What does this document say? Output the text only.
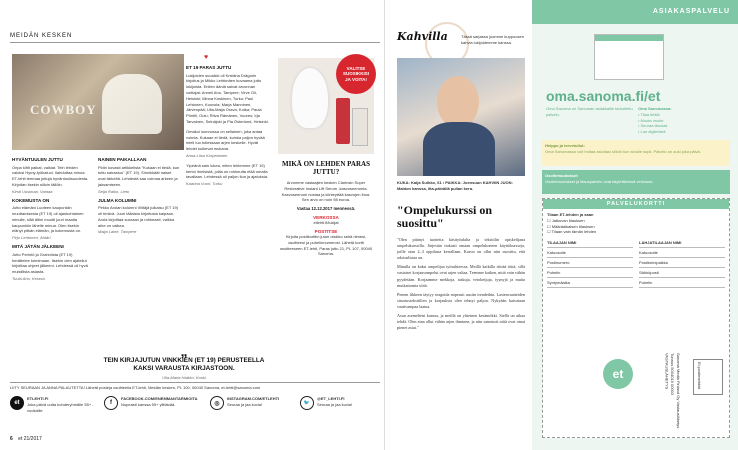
MEIDÄN KESKEN
COWBOY
HYVÄNTUULEN JUTTU

Onpa kiitit paikat, valkiat. Tein lehden valoksi Hymy-työkaluni. Ilahduttaa minua. ET-lehti teemaa juttuja hyväntuulisuudesta. Kirjoitan itsekin silloin tällöin.

Kirsti Uusimaa, Vantaa

KOKEMUSTA ON

Jutto elämäni Luoteen kaupunkiin muuttamisesta (ET 19) oli ajankohtainen minulle, sillä äitini muutti juuri maalta kaupunkiin lähelle minua. Olen itsekin elänyt pitkän elämän, ja kokemusta on.

Pirjo Lehtonen, Ähtäri

MITÄ JÄTÄN JÄLKEENI

Jutto Perintö ja Grahnlista (ET 19) herättelee toimimaan. Itsekin olen ajatellut kirjoittaa ohjeet jälkeeni. Lehdessä oli hyvä muistilista asiasta.

Tuula Aho, Kerava

NAINEN PAIKALLAAN

Pidin kovasti artikkelista "Kukaan ei tiedä, kun tuttu sairastuu" (ET 19). Sinnikkäät naiset ovat tärkeitä. Lehdestä saa voimaa arkeen ja jaksamiseen.

Seija Raiko, Lieto

JULMA KOLUMNI

Pirkko Arolan kolumni Viiltäjä julkaisu (ET 19) oli terävä. Juuri tällaista kirjoitusta kaipaan. Arola kirjoittaa suoraan ja rohkeasti, vaikka aihe on vaikea.

Maija Laine, Tampere

♥
ET 19 PARAS JUTTU

Lukijoiden suosikki oli Kristiina Drägorin kirjoitus ja Mikko Lehtimäen kuvaama juttu lukijoista. Eniten ääniä saivat arvonnan voittajat: Anneli Aho, Tampere; Virve Gil, Helsinki; Minna Koskinen, Turku; Paul Lehtonen, Kouvola; Marja Manninen, Järvenpää; Ulla-Maija Orava, Kotka; Paula Pöntili, Oulu; Ritva Rämänen, Vuores; Irja Tarvainen, Seinäjoki ja Pia Österlund, Helsinki.

Omakoi luonnossa on sellainen, joka antaa voimia. Kukaan ei tiedä, kuinka paljon hyvää mieli tuo tullessaan arjen keskelle. Hyvät lehdet kulkevat mukana.

Anna-Liisa Korpelainen

Ylpeänä sain lukea, miten lehtemme (ET 19) kertoi ihmisistä, joilla on rohkeutta elää omalla tavallaan. Lehdessä oli paljon iloa ja ajatuksia.

Kaarina Vuori, Turku

VALITSE SUOSIKKISI JA VOITA!
MIKÄ ON LEHDEN PARAS JUTTU?
Arvomme vastaajien kesken Clarinsin Super Restorative Instant Lift Serum -kasvoseerumia. Kasvoseerumi nostaa ja kiinteyttää kasvojen ihoa. Sen arvo on noin 98 euroa.
Vastaa 12.12.2017 mennessä.
VERKOSSA
etlehti.fi/lukijat
POSTITSE
Kirjoita postikorttiin jutun otsikko sekä nimesi, osoitteesi ja puhelinnumerosi. Lähetä kortti osoitteeseen ET-lehti, Paras juttu 21, PL 107, 00040 Sanoma.
„
TEIN KIRJAJUTUN VINKKIEN (ET 19) PERUSTEELLA KAKSI VARAUSTA KIRJASTOON.
Ulla-Maria Haikko, Koski
LIITY SEURAAN JA ANNA PALAUTETTA! Lähetä posteja osoitteella ET-lehti, Meidän kesken, PL 100, 00040 Sanoma, et-lehti@sanoma.com
et
ETLEHTI.FI
Joka päivä uutta kohderyhmälle 55+ -vuotiaille
f
FACEBOOK.COM/ENEMMANTARMIOITA
Nopeasti kanssa 55+ ylittävää.	◎
INSTAGRAM.COM/ETLEHTI
Seuraa ja jaa kuvia!	🐦
@ET_LEHTI.FI
Seuraa ja jaa kuvia!
6 et 21/2017
Kahvilla	Tässä sarjassa juomme kuppoosen kahvia lukijoidemme kanssa.
KUKA: Kaija Suihko, 61 • PAIKKA: Joensuun KAHVIIN JUON: Maidon kanssa, ilta-päivällä pullan kera.
"Ompelukurssi on suosittu"

"Olen pitänyt tuotteita käsityöalalta ja tekstiilin opiskelijana ompelukurssilla. Järjestän tiukasti omaan ompelukoneen käyttökursseja, joille otan 2–3 oppilasta kerrallaan. Kurssi on ollut niin suosittu, että odotuslistaa on.

Minulla on kaksi ompelijaa työsuhteessa. Meillä kaikilla riittää töitä, sillä vastaiset korjausompelut ovat arjen valtaa. Teemme kaiken, mitä vain vähän pyydetään. Korjaamme mekkoja, taskuja, vetoketjuja, tyynyjä ja muita mutkattomia töitä.

Pienen likkeen täytyy reagoida nopeasti uusiin trendeihin. Lastenvaatteiden sisustustekstiilien ja korjauksia olen tehnyt paljon. Nykyään kaivataan vaativampaa laatua.

Asun asemelteni kanssa, ja meillä on yhteinen kesämökki. Siellä on aikaa tehdä. Olen aina ollut vähän arjen ihminen, ja niin sanotusti niitä ovat omat pienet asiat."

ASIAKASPALVELU
oma.sanoma.fi/et
Oma Sanoma on Sanoman asiakkaille tarkoitettu palvelu.
Oma Sanomassa:
• Tilaa lehtiä
• Muuta osoite
• Seuraa tilausta
• Lue digilehteä
Helppo ja tervetullut:
Oma Sanomassa voit hoitaa asioitasi silloin kun sinulle sopii. Palvelu on auki joka päivä.
Osoitemuutokset
Osoitemuutokset ja tilauspalvelu ovat käytettävissä verkossa.
PALVELUKORTTI
Tilaan ET-lehden ja saan
☐ Jatkuvan tilauksen
☐ Määräaikaisen tilauksen
☐ Tilaan vain tämän lehden
TILAAJAN NIMI	LAHJATILAAJAN NIMI
Katuosoite	Katuosoite
Postinumero	Postitoimipaikka
Puhelin	Sähköposti
Syntymäaika	Puhelin
et	Sanoma Media Finland Oy Vastauslähetys Tunnus 5004019 00003 VASTAUSLÄHETYS	Ei postimerkkiä
